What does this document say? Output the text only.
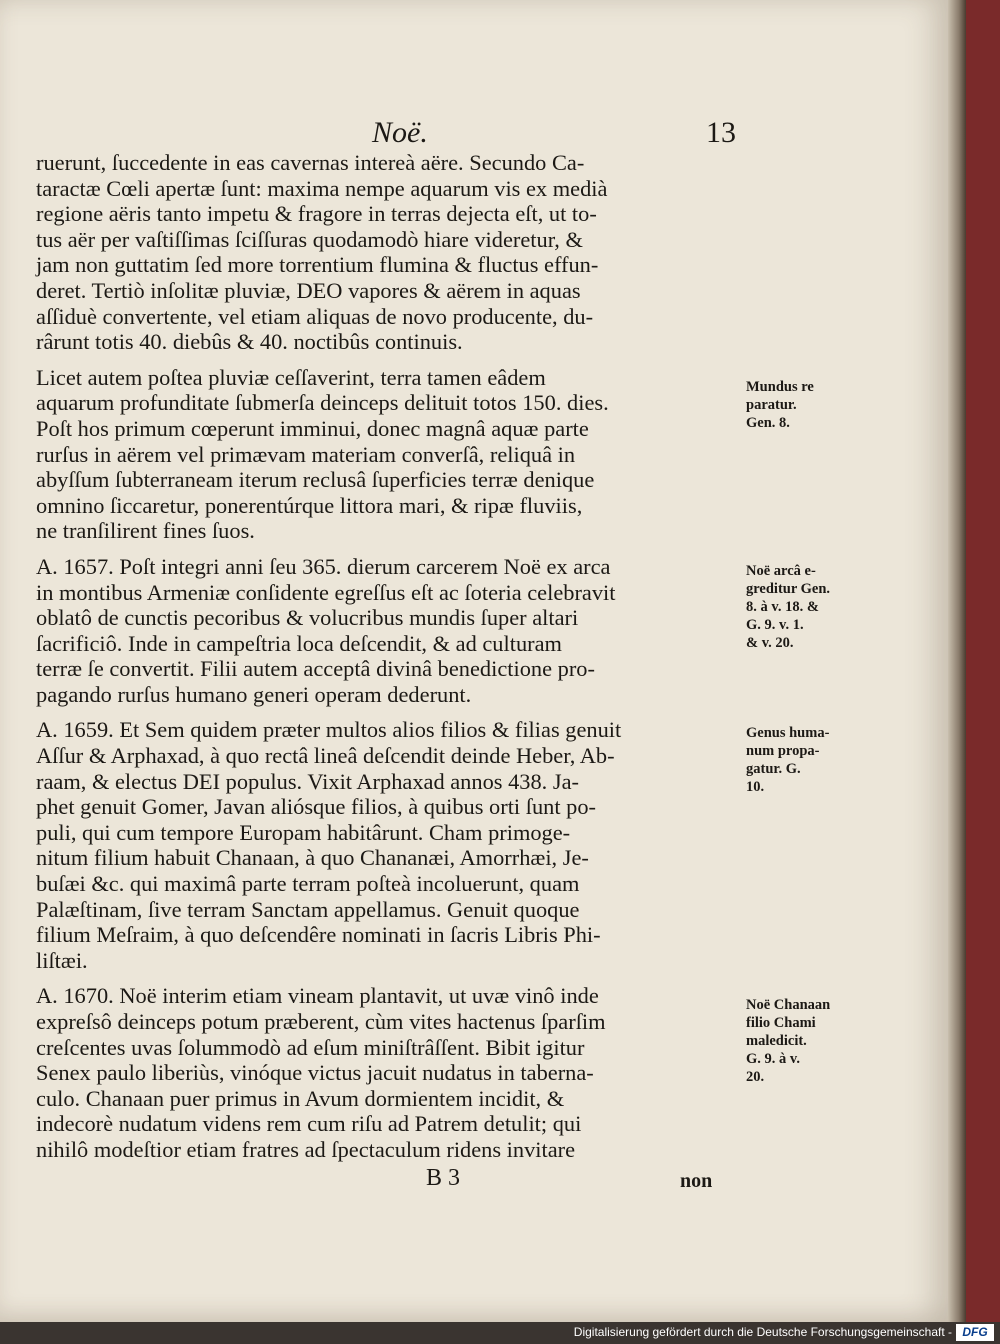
Noë.	13

ruerunt, ſuccedente in eas cavernas intereà aëre. Secundo Ca-
taractæ Cœli apertæ ſunt: maxima nempe aquarum vis ex medià
regione aëris tanto impetu & fragore in terras dejecta eſt, ut to-
tus aër per vaſtiſſimas ſciſſuras quodamodò hiare videretur, &
jam non guttatim ſed more torrentium flumina & fluctus effun-
deret. Tertiò inſolitæ pluviæ, DEO vapores & aërem in aquas
aſſiduè convertente, vel etiam aliquas de novo producente, du-
rârunt totis 40. diebûs & 40. noctibûs continuis.

Licet autem poſtea pluviæ ceſſaverint, terra tamen eâdem
aquarum profunditate ſubmerſa deinceps delituit totos 150. dies.
Poſt hos primum cœperunt imminui, donec magnâ aquæ parte
rurſus in aërem vel primævam materiam converſâ, reliquâ in
abyſſum ſubterraneam iterum reclusâ ſuperficies terræ denique
omnino ſiccaretur, ponerentúrque littora mari, & ripæ fluviis,
ne tranſilirent fines ſuos.

A. 1657. Poſt integri anni ſeu 365. dierum carcerem Noë ex arca
in montibus Armeniæ conſidente egreſſus eſt ac ſoteria celebravit
oblatô de cunctis pecoribus & volucribus mundis ſuper altari
ſacrificiô. Inde in campeſtria loca deſcendit, & ad culturam
terræ ſe convertit. Filii autem acceptâ divinâ benedictione pro-
pagando rurſus humano generi operam dederunt.

A. 1659. Et Sem quidem præter multos alios filios & filias genuit
Aſſur & Arphaxad, à quo rectâ lineâ deſcendit deinde Heber, Ab-
raam, & electus DEI populus. Vixit Arphaxad annos 438. Ja-
phet genuit Gomer, Javan aliósque filios, à quibus orti ſunt po-
puli, qui cum tempore Europam habitârunt. Cham primoge-
nitum filium habuit Chanaan, à quo Chananæi, Amorrhæi, Je-
buſæi &c. qui maximâ parte terram poſteà incoluerunt, quam
Palæſtinam, ſive terram Sanctam appellamus. Genuit quoque
filium Meſraim, à quo deſcendêre nominati in ſacris Libris Phi-
liſtæi.

A. 1670. Noë interim etiam vineam plantavit, ut uvæ vinô inde
expreſsô deinceps potum præberent, cùm vites hactenus ſparſim
creſcentes uvas ſolummodò ad eſum miniſtrâſſent. Bibit igitur
Senex paulo liberiùs, vinóque victus jacuit nudatus in taberna-
culo. Chanaan puer primus in Avum dormientem incidit, &
indecorè nudatum videns rem cum riſu ad Patrem detulit; qui
nihilô modeſtior etiam fratres ad ſpectaculum ridens invitare

Mundus re
paratur.
Gen. 8.
Noë arcâ e-
greditur Gen.
8. à v. 18. &
G. 9. v. 1.
& v. 20.
Genus huma-
num propa-
gatur. G.
10.
Noë Chanaan
filio Chami
maledicit.
G. 9. à v.
20.
B 3	non
Digitalisierung gefördert durch die Deutsche Forschungsgemeinschaft - DFG
